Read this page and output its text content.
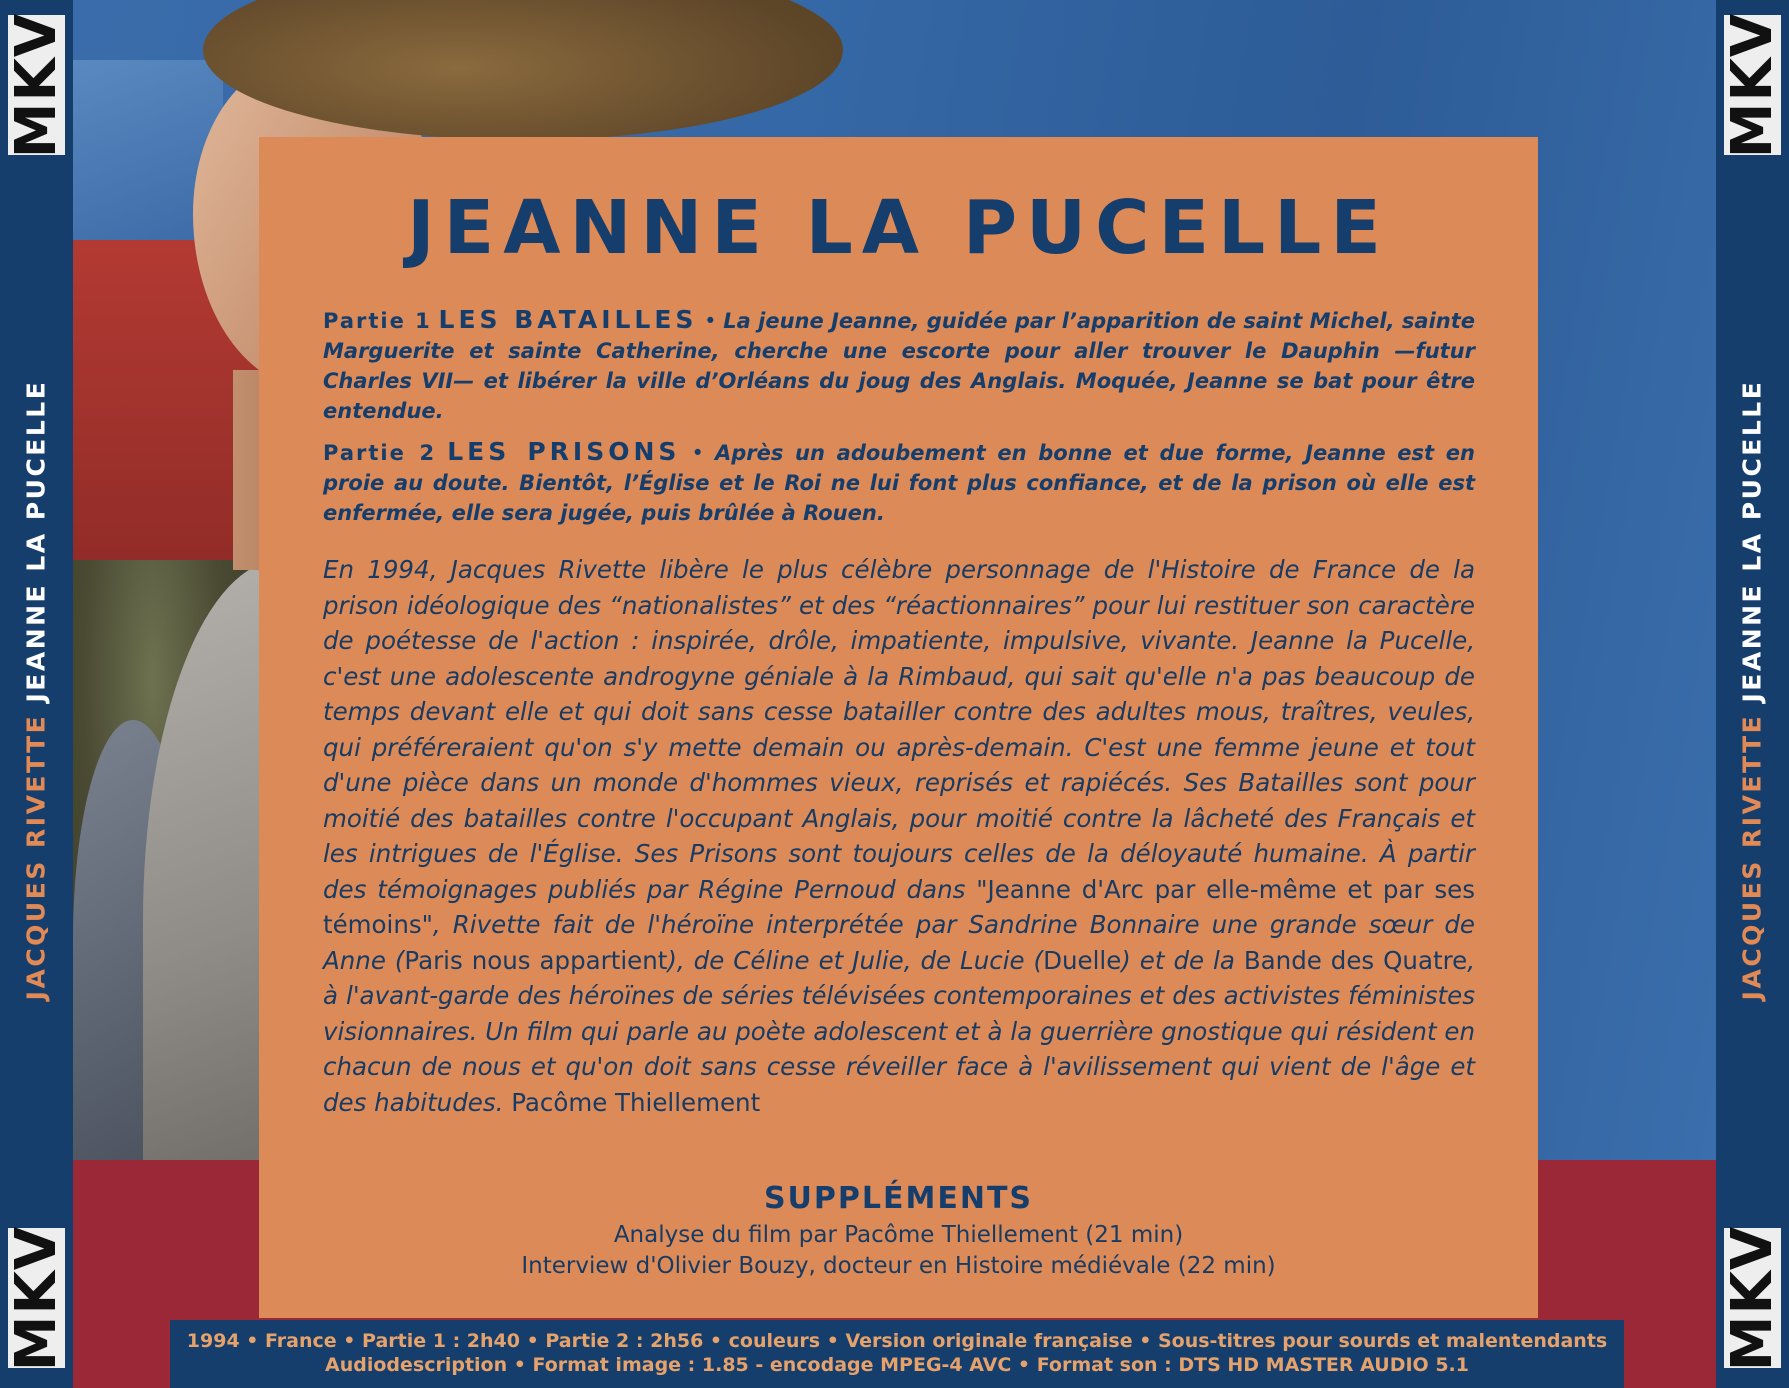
MKV
JACQUES RIVETTE JEANNE LA PUCELLE
MKV
MKV
JACQUES RIVETTE JEANNE LA PUCELLE
MKV
JEANNE LA PUCELLE

Partie 1 LES BATAILLES • La jeune Jeanne, guidée par l’apparition de saint Michel, sainte Marguerite et sainte Catherine, cherche une escorte pour aller trouver le Dauphin —futur Charles VII— et libérer la ville d’Orléans du joug des Anglais. Moquée, Jeanne se bat pour être entendue.

Partie 2 LES PRISONS • Après un adoubement en bonne et due forme, Jeanne est en proie au doute. Bientôt, l’Église et le Roi ne lui font plus confiance, et de la prison où elle est enfermée, elle sera jugée, puis brûlée à Rouen.

En 1994, Jacques Rivette libère le plus célèbre personnage de l'Histoire de France de la prison idéologique des “nationalistes” et des “réactionnaires” pour lui restituer son caractère de poétesse de l'action : inspirée, drôle, impatiente, impulsive, vivante. Jeanne la Pucelle, c'est une adolescente androgyne géniale à la Rimbaud, qui sait qu'elle n'a pas beaucoup de temps devant elle et qui doit sans cesse batailler contre des adultes mous, traîtres, veules, qui préféreraient qu'on s'y mette demain ou après-demain. C'est une femme jeune et tout d'une pièce dans un monde d'hommes vieux, reprisés et rapiécés. Ses Batailles sont pour moitié des batailles contre l'occupant Anglais, pour moitié contre la lâcheté des Français et les intrigues de l'Église. Ses Prisons sont toujours celles de la déloyauté humaine. À partir des témoignages publiés par Régine Pernoud dans "Jeanne d'Arc par elle-même et par ses témoins", Rivette fait de l'héroïne interprétée par Sandrine Bonnaire une grande sœur de Anne (Paris nous appartient), de Céline et Julie, de Lucie (Duelle) et de la Bande des Quatre, à l'avant-garde des héroïnes de séries télévisées contemporaines et des activistes féministes visionnaires. Un film qui parle au poète adolescent et à la guerrière gnostique qui résident en chacun de nous et qu'on doit sans cesse réveiller face à l'avilissement qui vient de l'âge et des habitudes. Pacôme Thiellement

SUPPLÉMENTS
Analyse du film par Pacôme Thiellement (21 min)
Interview d'Olivier Bouzy, docteur en Histoire médiévale (22 min)
1994 • France • Partie 1 : 2h40 • Partie 2 : 2h56 • couleurs • Version originale française • Sous-titres pour sourds et malentendants
Audiodescription • Format image : 1.85 - encodage MPEG-4 AVC • Format son : DTS HD MASTER AUDIO 5.1
